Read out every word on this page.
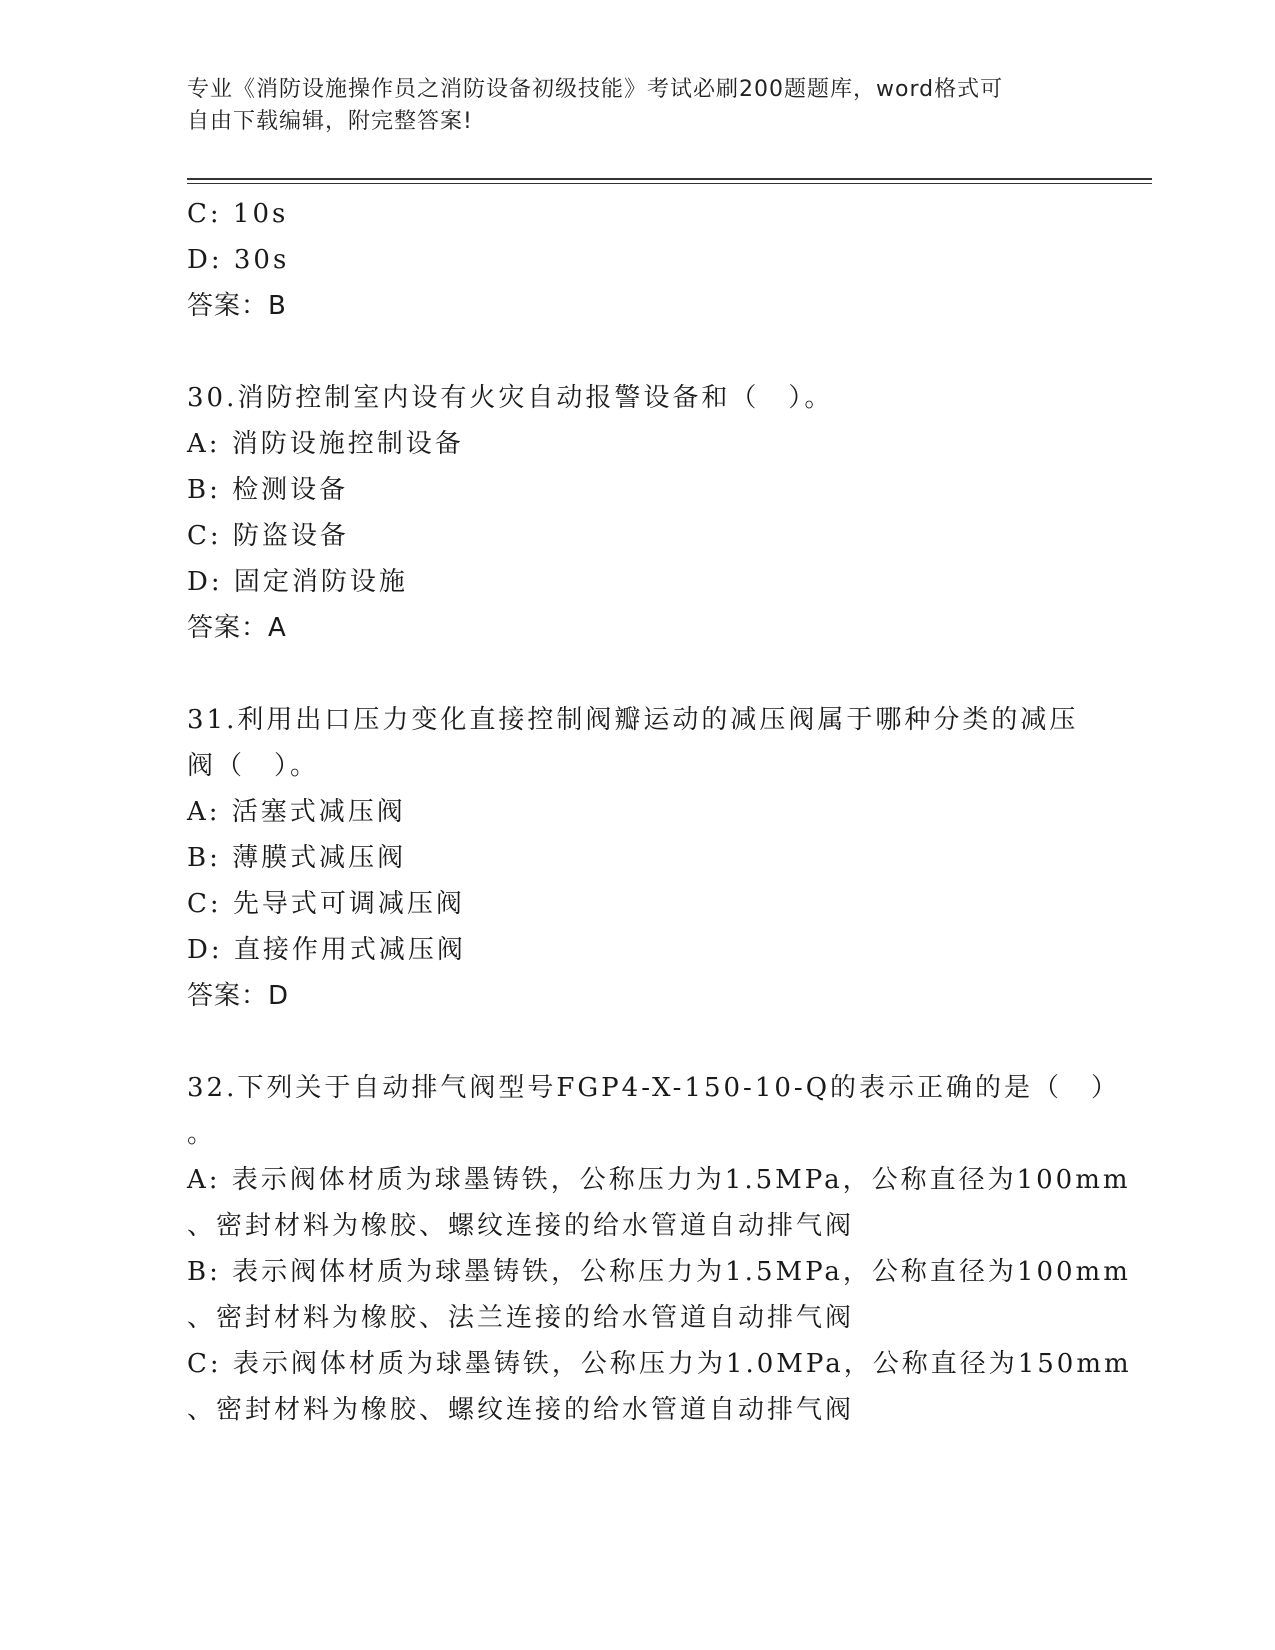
专业《消防设施操作员之消防设备初级技能》考试必刷200题题库，word格式可
自由下载编辑，附完整答案!
C: 10s
D: 30s
答案：B
30.消防控制室内设有火灾自动报警设备和（　）。
A: 消防设施控制设备
B: 检测设备
C: 防盗设备
D: 固定消防设施
答案：A
31.利用出口压力变化直接控制阀瓣运动的减压阀属于哪种分类的减压
阀（　）。
A: 活塞式减压阀
B: 薄膜式减压阀
C: 先导式可调减压阀
D: 直接作用式减压阀
答案：D
32.下列关于自动排气阀型号FGP4-X-150-10-Q的表示正确的是（　）
。
A: 表示阀体材质为球墨铸铁，公称压力为1.5MPa，公称直径为100mm
、密封材料为橡胶、螺纹连接的给水管道自动排气阀
B: 表示阀体材质为球墨铸铁，公称压力为1.5MPa，公称直径为100mm
、密封材料为橡胶、法兰连接的给水管道自动排气阀
C: 表示阀体材质为球墨铸铁，公称压力为1.0MPa，公称直径为150mm
、密封材料为橡胶、螺纹连接的给水管道自动排气阀
